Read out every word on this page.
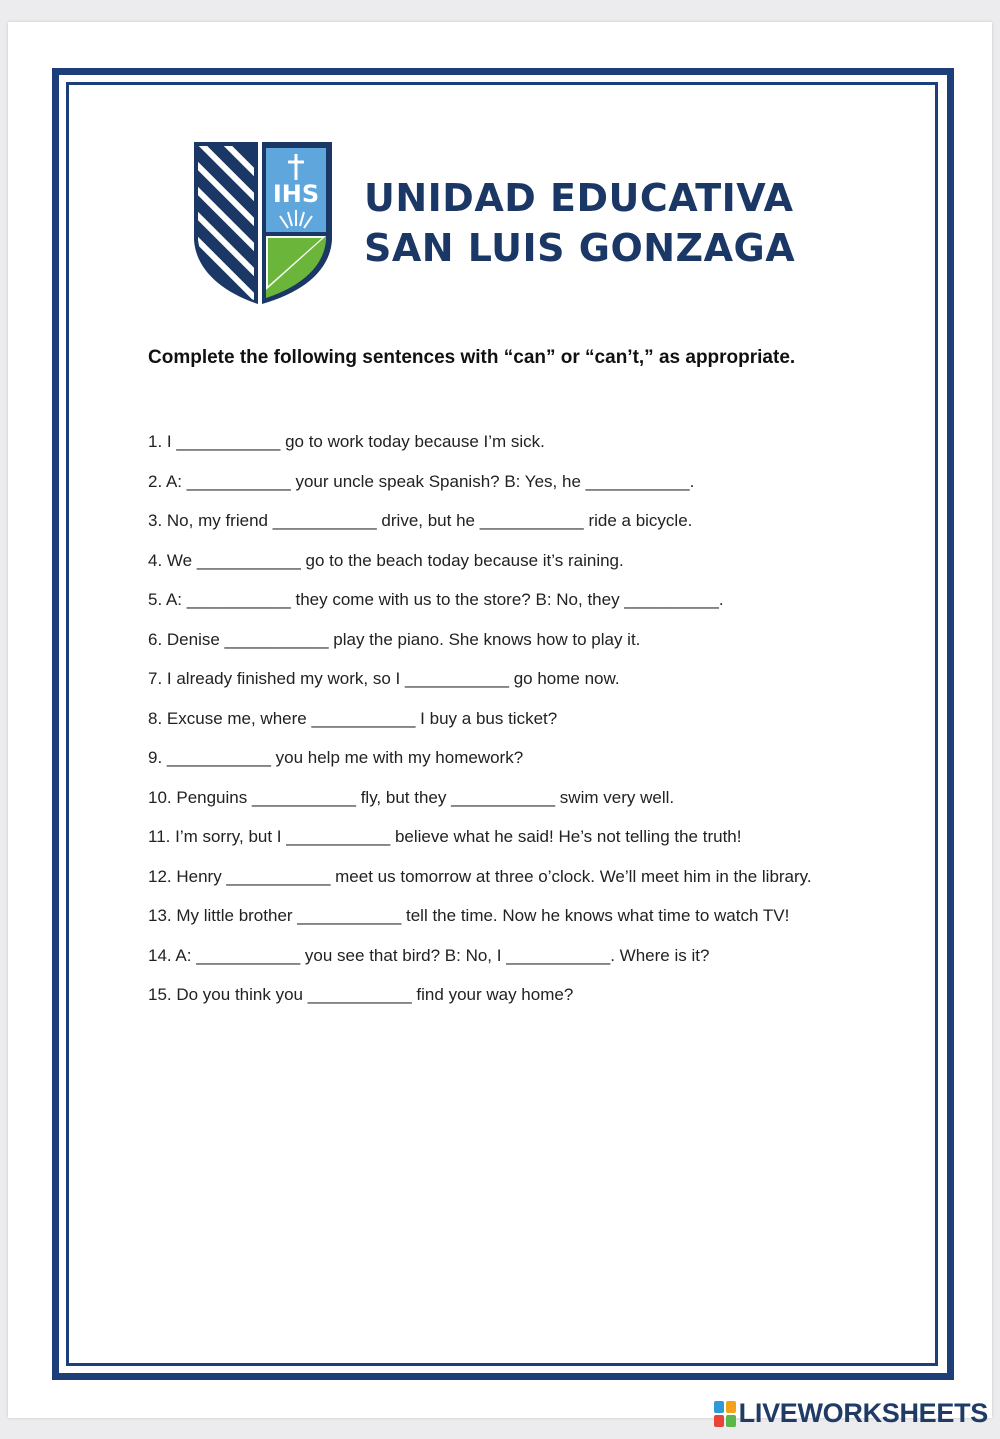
IHS UNIDAD EDUCATIVA
SAN LUIS GONZAGA
Complete the following sentences with “can” or “can’t,” as appropriate.
1. I ___________ go to work today because I’m sick.
2. A: ___________ your uncle speak Spanish? B: Yes, he ___________.
3. No, my friend ___________ drive, but he ___________ ride a bicycle.
4. We ___________ go to the beach today because it’s raining.
5. A: ___________ they come with us to the store? B: No, they __________.
6. Denise ___________ play the piano. She knows how to play it.
7. I already finished my work, so I ___________ go home now.
8. Excuse me, where ___________ I buy a bus ticket?
9. ___________ you help me with my homework?
10. Penguins ___________ fly, but they ___________ swim very well.
11. I’m sorry, but I ___________ believe what he said! He’s not telling the truth!
12. Henry ___________ meet us tomorrow at three o’clock. We’ll meet him in the library.
13. My little brother ___________ tell the time. Now he knows what time to watch TV!
14. A: ___________ you see that bird? B: No, I ___________. Where is it?
15. Do you think you ___________ find your way home?
LIVEWORKSHEETS
